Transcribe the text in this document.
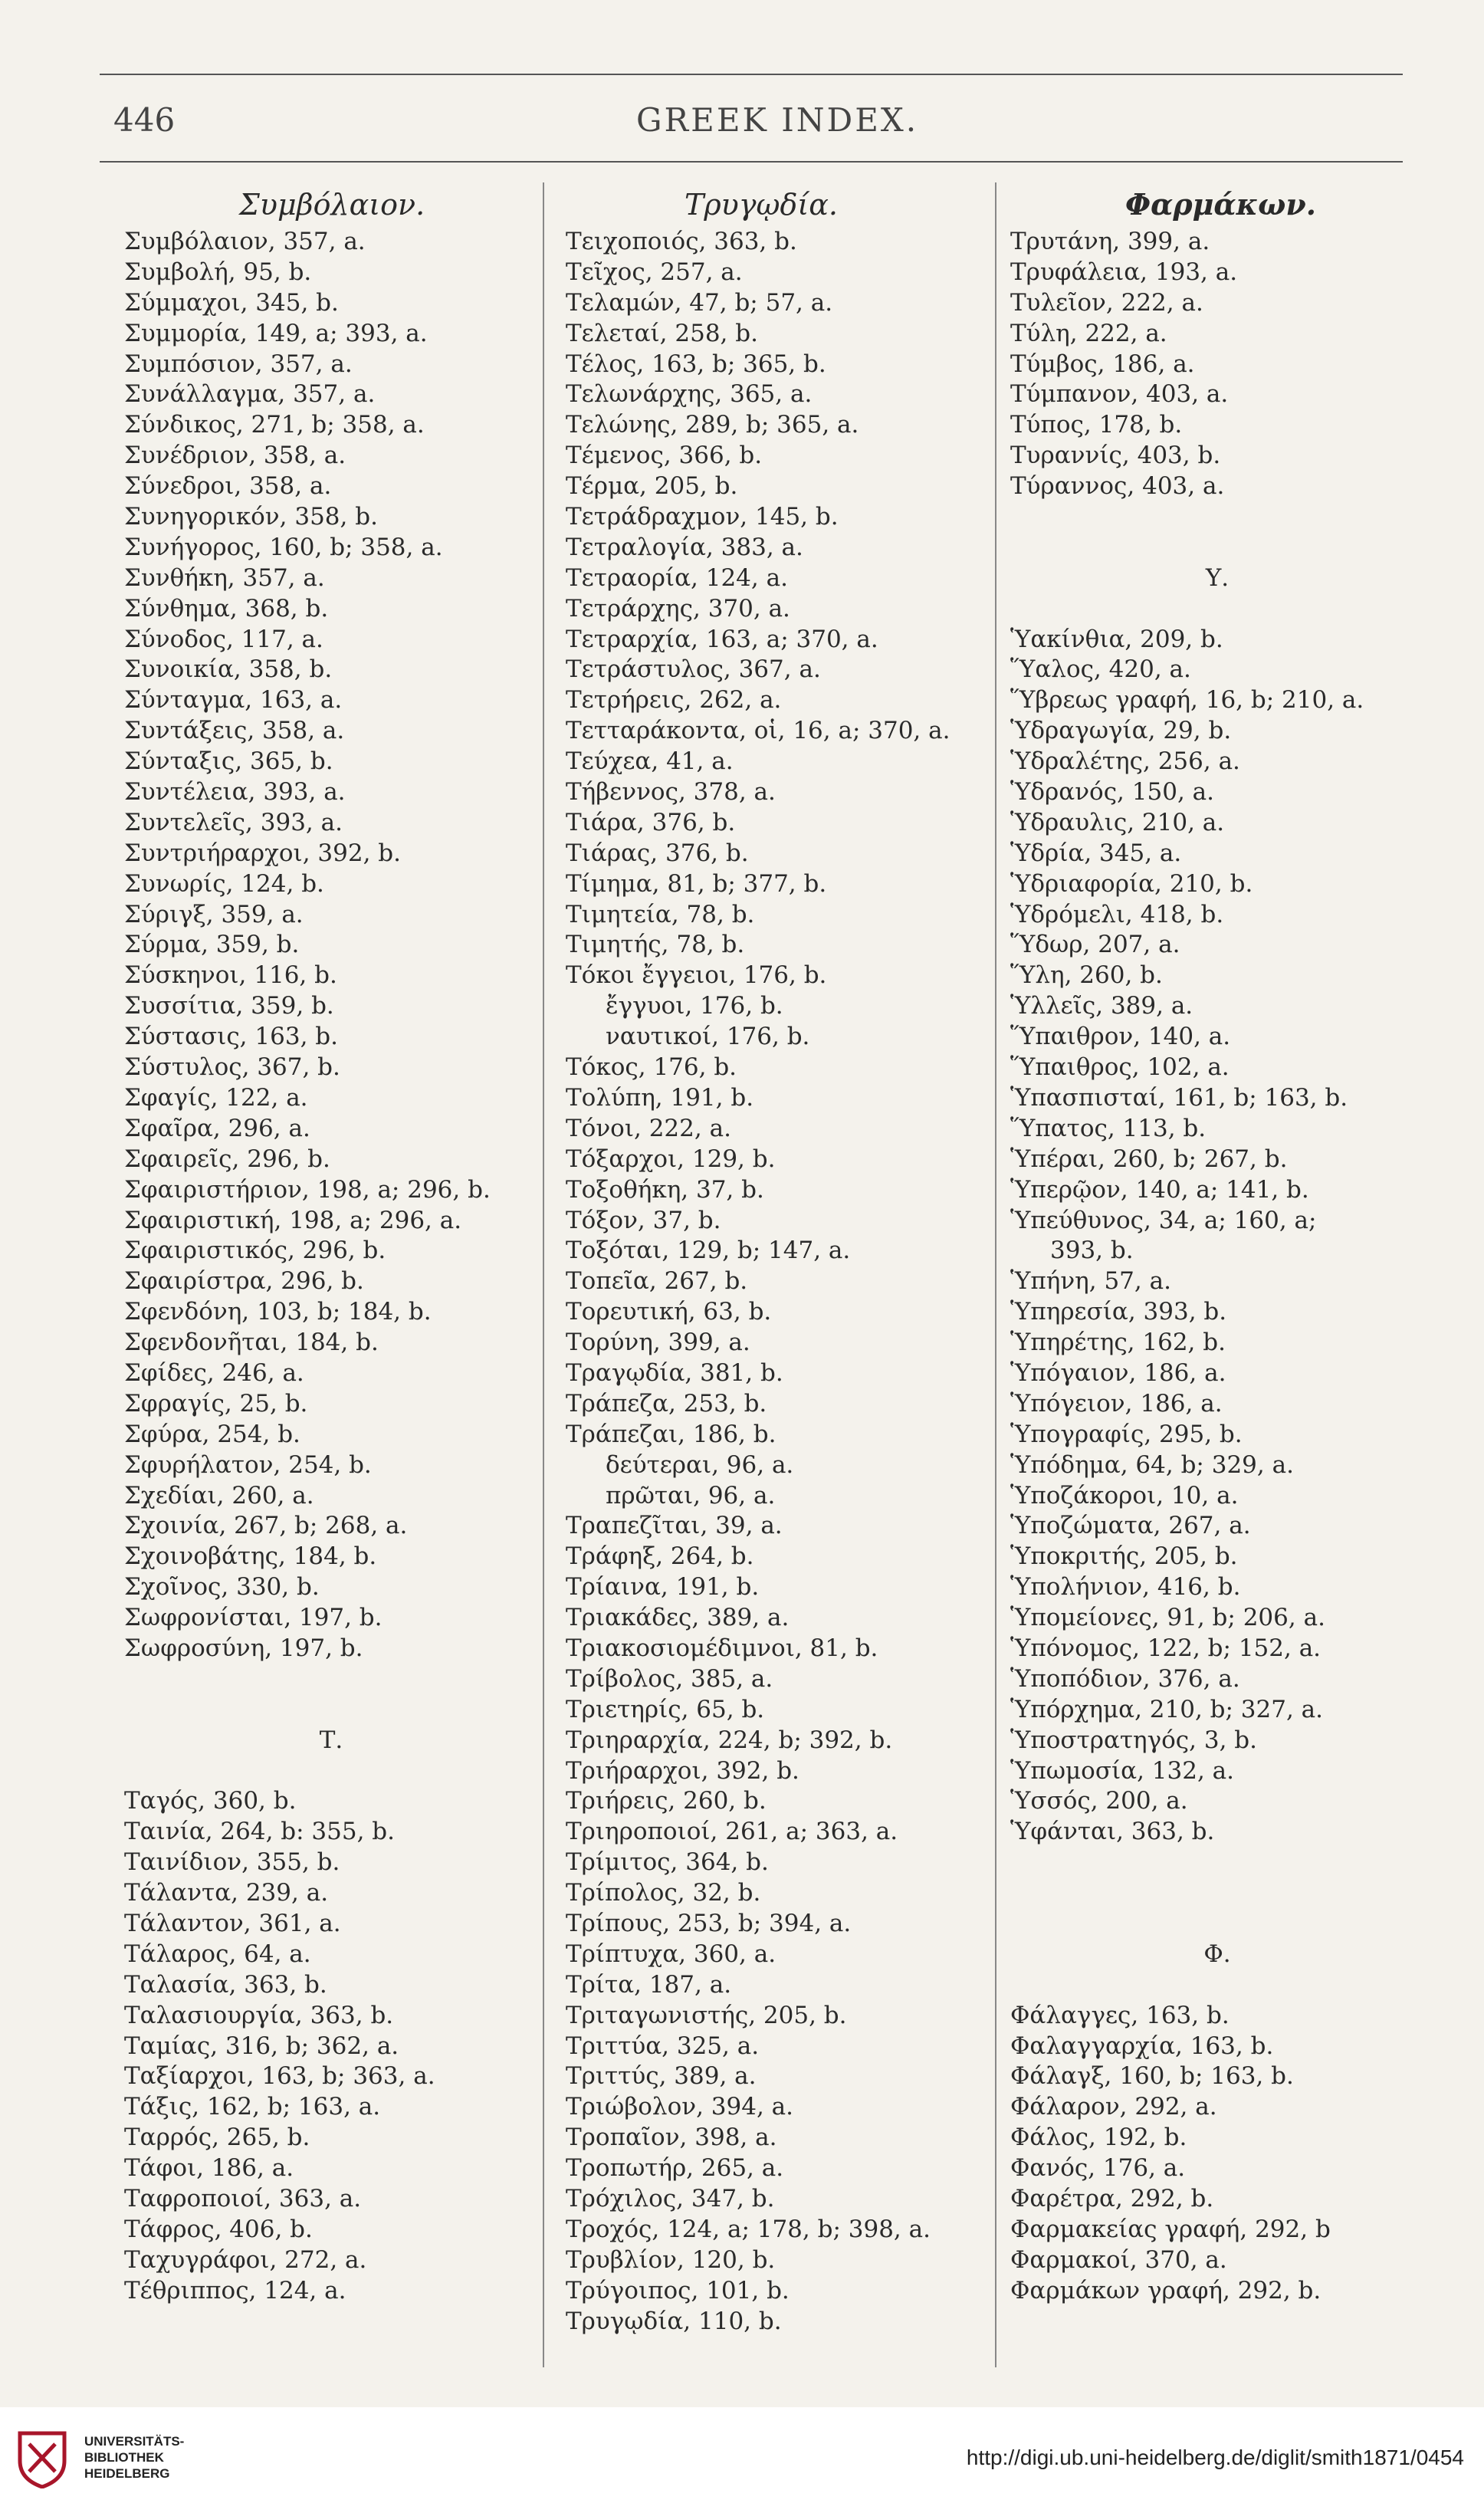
446	GREEK INDEX.
Συμβόλαιον.
Συμβόλαιον, 357, a.
Συμβολή, 95, b.
Σύμμαχοι, 345, b.
Συμμορία, 149, a; 393, a.
Συμπόσιον, 357, a.
Συνάλλαγμα, 357, a.
Σύνδικος, 271, b; 358, a.
Συνέδριον, 358, a.
Σύνεδροι, 358, a.
Συνηγορικόν, 358, b.
Συνήγορος, 160, b; 358, a.
Συνθήκη, 357, a.
Σύνθημα, 368, b.
Σύνοδος, 117, a.
Συνοικία, 358, b.
Σύνταγμα, 163, a.
Συντάξεις, 358, a.
Σύνταξις, 365, b.
Συντέλεια, 393, a.
Συντελεῖς, 393, a.
Συντριήραρχοι, 392, b.
Συνωρίς, 124, b.
Σύριγξ, 359, a.
Σύρμα, 359, b.
Σύσκηνοι, 116, b.
Συσσίτια, 359, b.
Σύστασις, 163, b.
Σύστυλος, 367, b.
Σφαγίς, 122, a.
Σφαῖρα, 296, a.
Σφαιρεῖς, 296, b.
Σφαιριστήριον, 198, a; 296, b.
Σφαιριστική, 198, a; 296, a.
Σφαιριστικός, 296, b.
Σφαιρίστρα, 296, b.
Σφενδόνη, 103, b; 184, b.
Σφενδονῆται, 184, b.
Σφίδες, 246, a.
Σφραγίς, 25, b.
Σφύρα, 254, b.
Σφυρήλατον, 254, b.
Σχεδίαι, 260, a.
Σχοινία, 267, b; 268, a.
Σχοινοβάτης, 184, b.
Σχοῖνος, 330, b.
Σωφρονίσται, 197, b.
Σωφροσύνη, 197, b.
Τ.
Ταγός, 360, b.
Ταινία, 264, b: 355, b.
Ταινίδιον, 355, b.
Τάλαντα, 239, a.
Τάλαντον, 361, a.
Τάλαρος, 64, a.
Ταλασία, 363, b.
Ταλασιουργία, 363, b.
Ταμίας, 316, b; 362, a.
Ταξίαρχοι, 163, b; 363, a.
Τάξις, 162, b; 163, a.
Ταρρός, 265, b.
Τάφοι, 186, a.
Ταφροποιοί, 363, a.
Τάφρος, 406, b.
Ταχυγράφοι, 272, a.
Τέθριππος, 124, a.
Τρυγῳδία.
Τειχοποιός, 363, b.
Τεῖχος, 257, a.
Τελαμών, 47, b; 57, a.
Τελεταί, 258, b.
Τέλος, 163, b; 365, b.
Τελωνάρχης, 365, a.
Τελώνης, 289, b; 365, a.
Τέμενος, 366, b.
Τέρμα, 205, b.
Τετράδραχμον, 145, b.
Τετραλογία, 383, a.
Τετραορία, 124, a.
Τετράρχης, 370, a.
Τετραρχία, 163, a; 370, a.
Τετράστυλος, 367, a.
Τετρήρεις, 262, a.
Τετταράκοντα, οἱ, 16, a; 370, a.
Τεύχεα, 41, a.
Τήβεννος, 378, a.
Τιάρα, 376, b.
Τιάρας, 376, b.
Τίμημα, 81, b; 377, b.
Τιμητεία, 78, b.
Τιμητής, 78, b.
Τόκοι ἔγγειοι, 176, b.
ἔγγυοι, 176, b.
ναυτικοί, 176, b.
Τόκος, 176, b.
Τολύπη, 191, b.
Τόνοι, 222, a.
Τόξαρχοι, 129, b.
Τοξοθήκη, 37, b.
Τόξον, 37, b.
Τοξόται, 129, b; 147, a.
Τοπεῖα, 267, b.
Τορευτική, 63, b.
Τορύνη, 399, a.
Τραγῳδία, 381, b.
Τράπεζα, 253, b.
Τράπεζαι, 186, b.
δεύτεραι, 96, a.
πρῶται, 96, a.
Τραπεζῖται, 39, a.
Τράφηξ, 264, b.
Τρίαινα, 191, b.
Τριακάδες, 389, a.
Τριακοσιομέδιμνοι, 81, b.
Τρίβολος, 385, a.
Τριετηρίς, 65, b.
Τριηραρχία, 224, b; 392, b.
Τριήραρχοι, 392, b.
Τριήρεις, 260, b.
Τριηροποιοί, 261, a; 363, a.
Τρίμιτος, 364, b.
Τρίπολος, 32, b.
Τρίπους, 253, b; 394, a.
Τρίπτυχα, 360, a.
Τρίτα, 187, a.
Τριταγωνιστής, 205, b.
Τριττύα, 325, a.
Τριττύς, 389, a.
Τριώβολον, 394, a.
Τροπαῖον, 398, a.
Τροπωτήρ, 265, a.
Τρόχιλος, 347, b.
Τροχός, 124, a; 178, b; 398, a.
Τρυβλίον, 120, b.
Τρύγοιπος, 101, b.
Τρυγῳδία, 110, b.
Φαρμάκων.
Τρυτάνη, 399, a.
Τρυφάλεια, 193, a.
Τυλεῖον, 222, a.
Τύλη, 222, a.
Τύμβος, 186, a.
Τύμπανον, 403, a.
Τύπος, 178, b.
Τυραννίς, 403, b.
Τύραννος, 403, a.
Υ.
Ὑακίνθια, 209, b.
Ὕαλος, 420, a.
Ὕβρεως γραφή, 16, b; 210, a.
Ὑδραγωγία, 29, b.
Ὑδραλέτης, 256, a.
Ὑδρανός, 150, a.
Ὑδραυλις, 210, a.
Ὑδρία, 345, a.
Ὑδριαφορία, 210, b.
Ὑδρόμελι, 418, b.
Ὕδωρ, 207, a.
Ὕλη, 260, b.
Ὑλλεῖς, 389, a.
Ὕπαιθρον, 140, a.
Ὕπαιθρος, 102, a.
Ὑπασπισταί, 161, b; 163, b.
Ὕπατος, 113, b.
Ὑπέραι, 260, b; 267, b.
Ὑπερῷον, 140, a; 141, b.
Ὑπεύθυνος, 34, a; 160, a;
393, b.
Ὑπήνη, 57, a.
Ὑπηρεσία, 393, b.
Ὑπηρέτης, 162, b.
Ὑπόγαιον, 186, a.
Ὑπόγειον, 186, a.
Ὑπογραφίς, 295, b.
Ὑπόδημα, 64, b; 329, a.
Ὑποζάκοροι, 10, a.
Ὑποζώματα, 267, a.
Ὑποκριτής, 205, b.
Ὑπολήνιον, 416, b.
Ὑπομείονες, 91, b; 206, a.
Ὑπόνομος, 122, b; 152, a.
Ὑποπόδιον, 376, a.
Ὑπόρχημα, 210, b; 327, a.
Ὑποστρατηγός, 3, b.
Ὑπωμοσία, 132, a.
Ὑσσός, 200, a.
Ὑφάνται, 363, b.
Φ.
Φάλαγγες, 163, b.
Φαλαγγαρχία, 163, b.
Φάλαγξ, 160, b; 163, b.
Φάλαρον, 292, a.
Φάλος, 192, b.
Φανός, 176, a.
Φαρέτρα, 292, b.
Φαρμακείας γραφή, 292, b
Φαρμακοί, 370, a.
Φαρμάκων γραφή, 292, b.
UNIVERSITÄTS-
BIBLIOTHEK
HEIDELBERG
http://digi.ub.uni-heidelberg.de/diglit/smith1871/0454
